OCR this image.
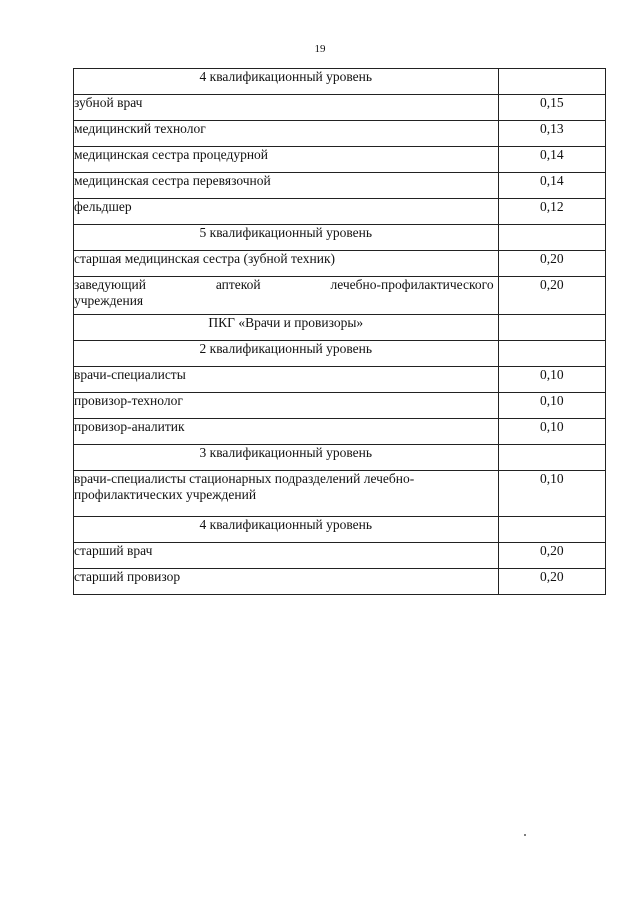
19
4 квалификационный уровень	
зубной врач	0,15
медицинский технолог	0,13
медицинская сестра процедурной	0,14
медицинская сестра перевязочной	0,14
фельдшер	0,12
5 квалификационный уровень	
старшая медицинская сестра (зубной техник)	0,20

заведующий аптекой лечебно-профилактического
учреждения	0,20
ПКГ «Врачи и провизоры»	
2 квалификационный уровень	
врачи-специалисты	0,10
провизор-технолог	0,10
провизор-аналитик	0,10
3 квалификационный уровень	

врачи-специалисты стационарных подразделений лечебно-
профилактических учреждений	0,10
4 квалификационный уровень	
старший врач	0,20
старший провизор	0,20
